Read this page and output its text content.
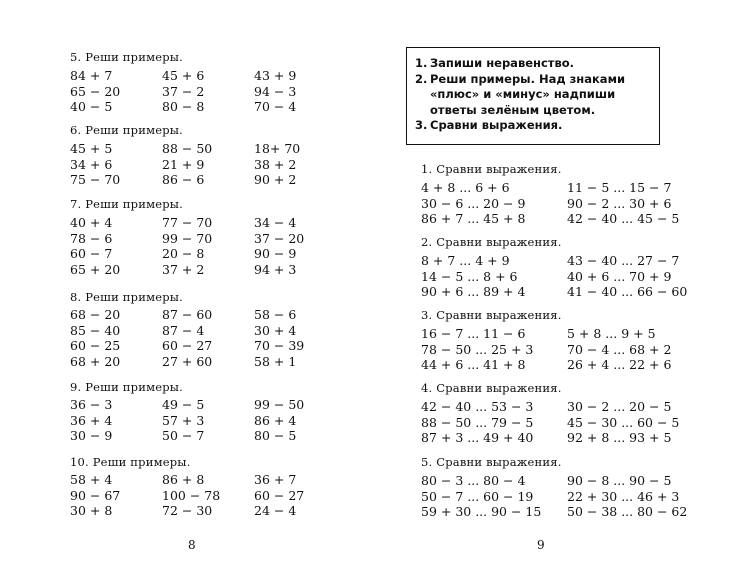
8
5. Реши примеры.
84 + 7	45 + 6	43 + 9
65 − 20	37 − 2	94 − 3
40 − 5	80 − 8	70 − 4
6. Реши примеры.
45 + 5	88 − 50	18+ 70
34 + 6	21 + 9	38 + 2
75 − 70	86 − 6	90 + 2
7. Реши примеры.
40 + 4	77 − 70	34 − 4
78 − 6	99 − 70	37 − 20
60 − 7	20 − 8	90 − 9
65 + 20	37 + 2	94 + 3
8. Реши примеры.
68 − 20	87 − 60	58 − 6
85 − 40	87 − 4	30 + 4
60 − 25	60 − 27	70 − 39
68 + 20	27 + 60	58 + 1
9. Реши примеры.
36 − 3	49 − 5	99 − 50
36 + 4	57 + 3	86 + 4
30 − 9	50 − 7	80 − 5
10. Реши примеры.
58 + 4	86 + 8	36 + 7
90 − 67	100 − 78	60 − 27
30 + 8	72 − 30	24 − 4
1. Запиши неравенство.
2. Реши примеры. Над знаками «плюс» и «минус» надпиши ответы зелёным цветом.
3. Сравни выражения.
9
1. Сравни выражения.
4 + 8 ... 6 + 6	11 − 5 ... 15 − 7
30 − 6 ... 20 − 9	90 − 2 ... 30 + 6
86 + 7 ... 45 + 8	42 − 40 ... 45 − 5
2. Сравни выражения.
8 + 7 ... 4 + 9	43 − 40 ... 27 − 7
14 − 5 ... 8 + 6	40 + 6 ... 70 + 9
90 + 6 ... 89 + 4	41 − 40 ... 66 − 60
3. Сравни выражения.
16 − 7 ... 11 − 6	5 + 8 ... 9 + 5
78 − 50 ... 25 + 3	70 − 4 ... 68 + 2
44 + 6 ... 41 + 8	26 + 4 ... 22 + 6
4. Сравни выражения.
42 − 40 ... 53 − 3	30 − 2 ... 20 − 5
88 − 50 ... 79 − 5	45 − 30 ... 60 − 5
87 + 3 ... 49 + 40	92 + 8 ... 93 + 5
5. Сравни выражения.
80 − 3 ... 80 − 4	90 − 8 ... 90 − 5
50 − 7 ... 60 − 19	22 + 30 ... 46 + 3
59 + 30 ... 90 − 15	50 − 38 ... 80 − 62
